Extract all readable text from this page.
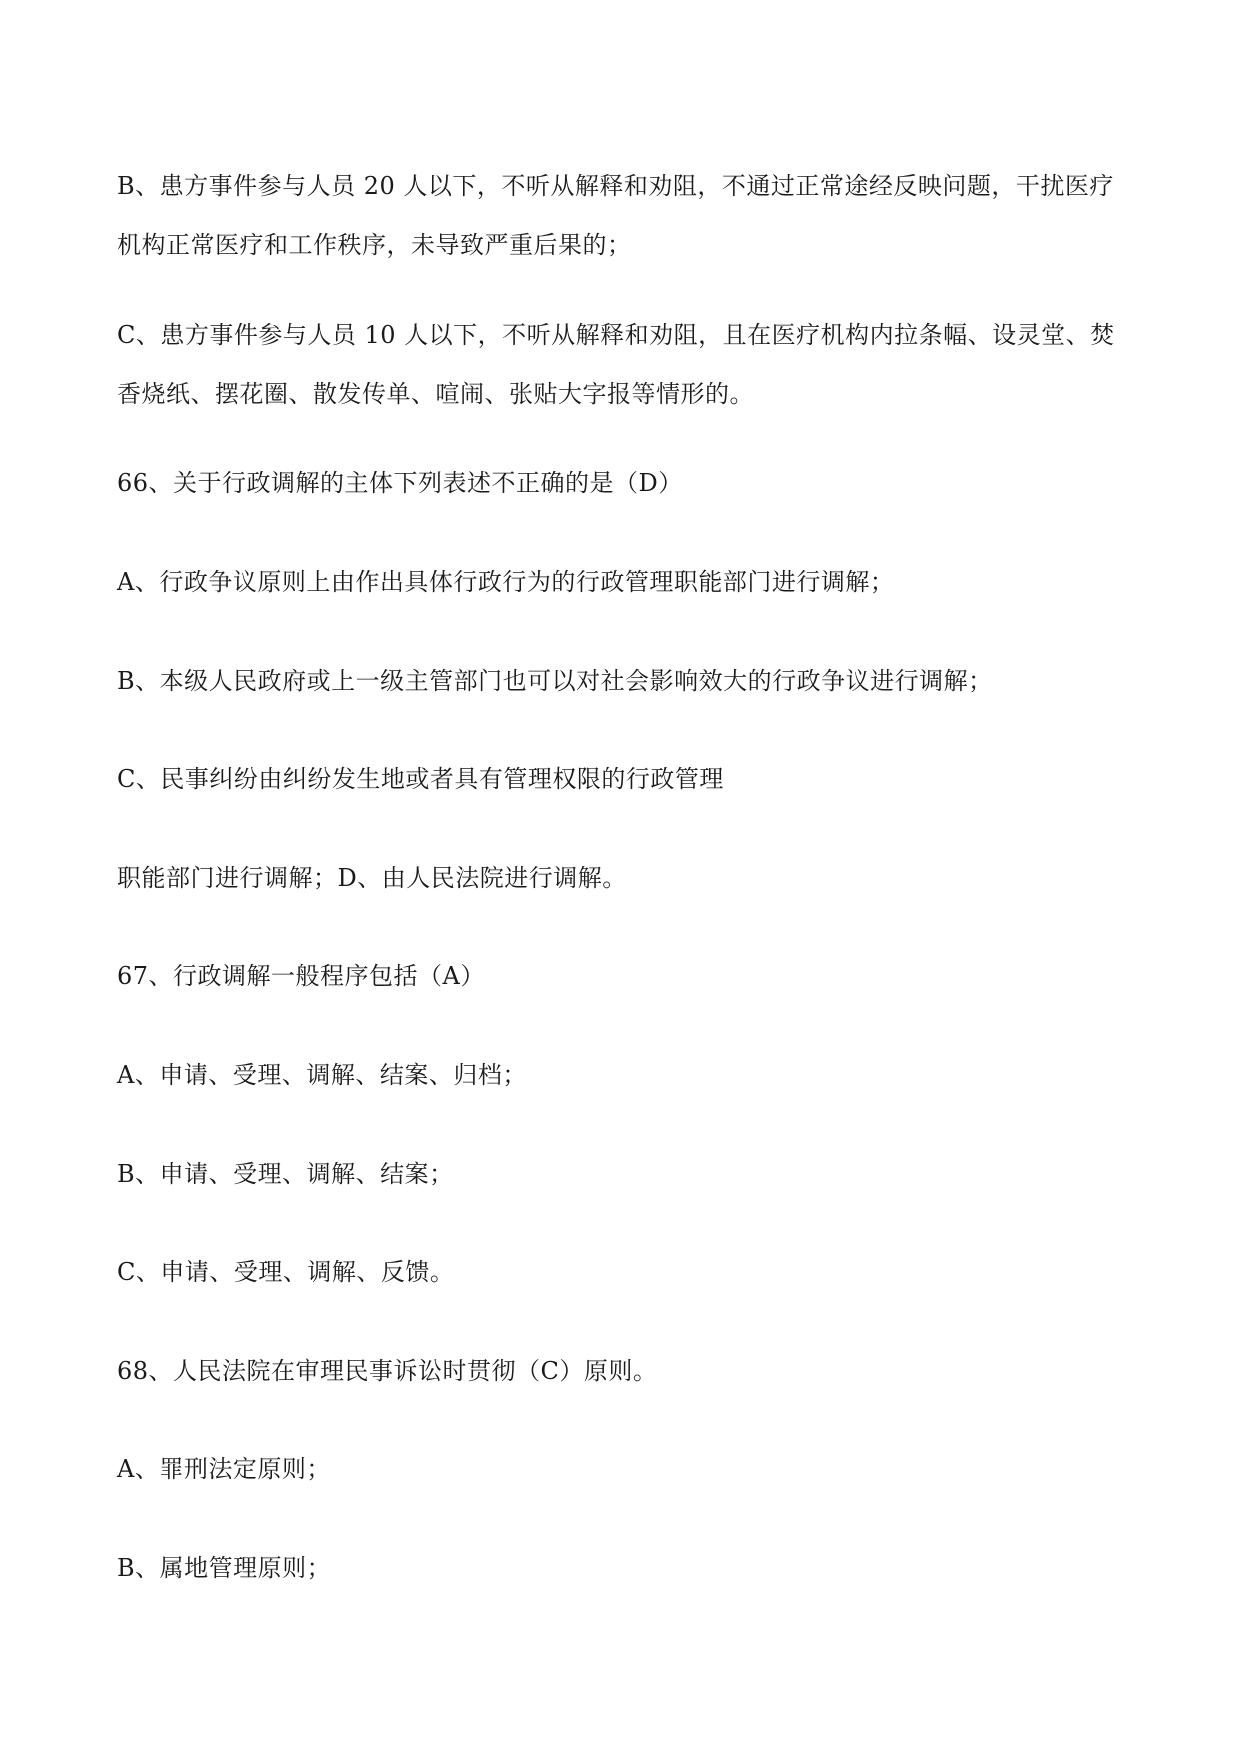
B、患方事件参与人员 20 人以下，不听从解释和劝阻，不通过正常途经反映问题，干扰医疗
机构正常医疗和工作秩序，未导致严重后果的；
C、患方事件参与人员 10 人以下，不听从解释和劝阻，且在医疗机构内拉条幅、设灵堂、焚
香烧纸、摆花圈、散发传单、喧闹、张贴大字报等情形的。
66、关于行政调解的主体下列表述不正确的是（D）
A、行政争议原则上由作出具体行政行为的行政管理职能部门进行调解；
B、本级人民政府或上一级主管部门也可以对社会影响效大的行政争议进行调解；
C、民事纠纷由纠纷发生地或者具有管理权限的行政管理
职能部门进行调解；D、由人民法院进行调解。
67、行政调解一般程序包括（A）
A、申请、受理、调解、结案、归档；
B、申请、受理、调解、结案；
C、申请、受理、调解、反馈。
68、人民法院在审理民事诉讼时贯彻（C）原则。
A、罪刑法定原则；
B、属地管理原则；
